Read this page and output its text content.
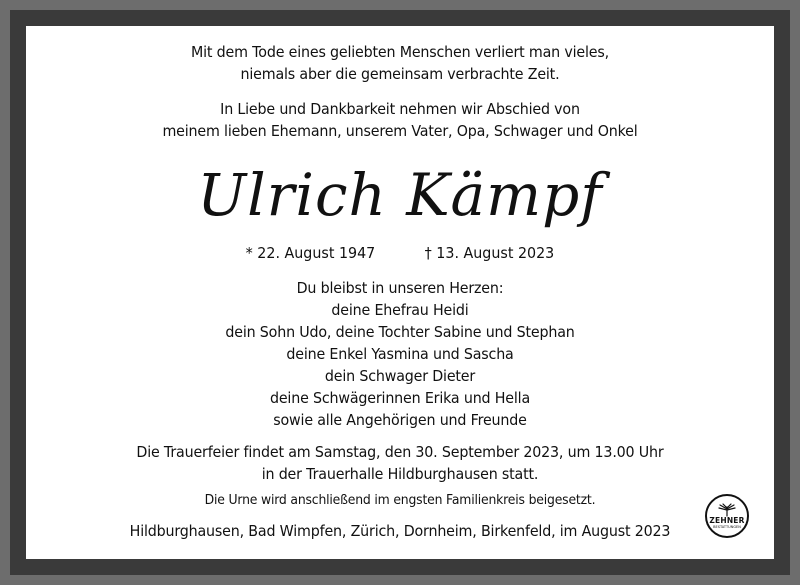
Mit dem Tode eines geliebten Menschen verliert man vieles,
niemals aber die gemeinsam verbrachte Zeit.
In Liebe und Dankbarkeit nehmen wir Abschied von
meinem lieben Ehemann, unserem Vater, Opa, Schwager und Onkel
Ulrich Kämpf
* 22. August 1947	† 13. August 2023
Du bleibst in unseren Herzen:
deine Ehefrau Heidi
dein Sohn Udo, deine Tochter Sabine und Stephan
deine Enkel Yasmina und Sascha
dein Schwager Dieter
deine Schwägerinnen Erika und Hella
sowie alle Angehörigen und Freunde
Die Trauerfeier findet am Samstag, den 30. September 2023, um 13.00 Uhr
in der Trauerhalle Hildburghausen statt.
Die Urne wird anschließend im engsten Familienkreis beigesetzt.
Hildburghausen, Bad Wimpfen, Zürich, Dornheim, Birkenfeld, im August 2023
ZEHNER
BESTATTUNGEN
